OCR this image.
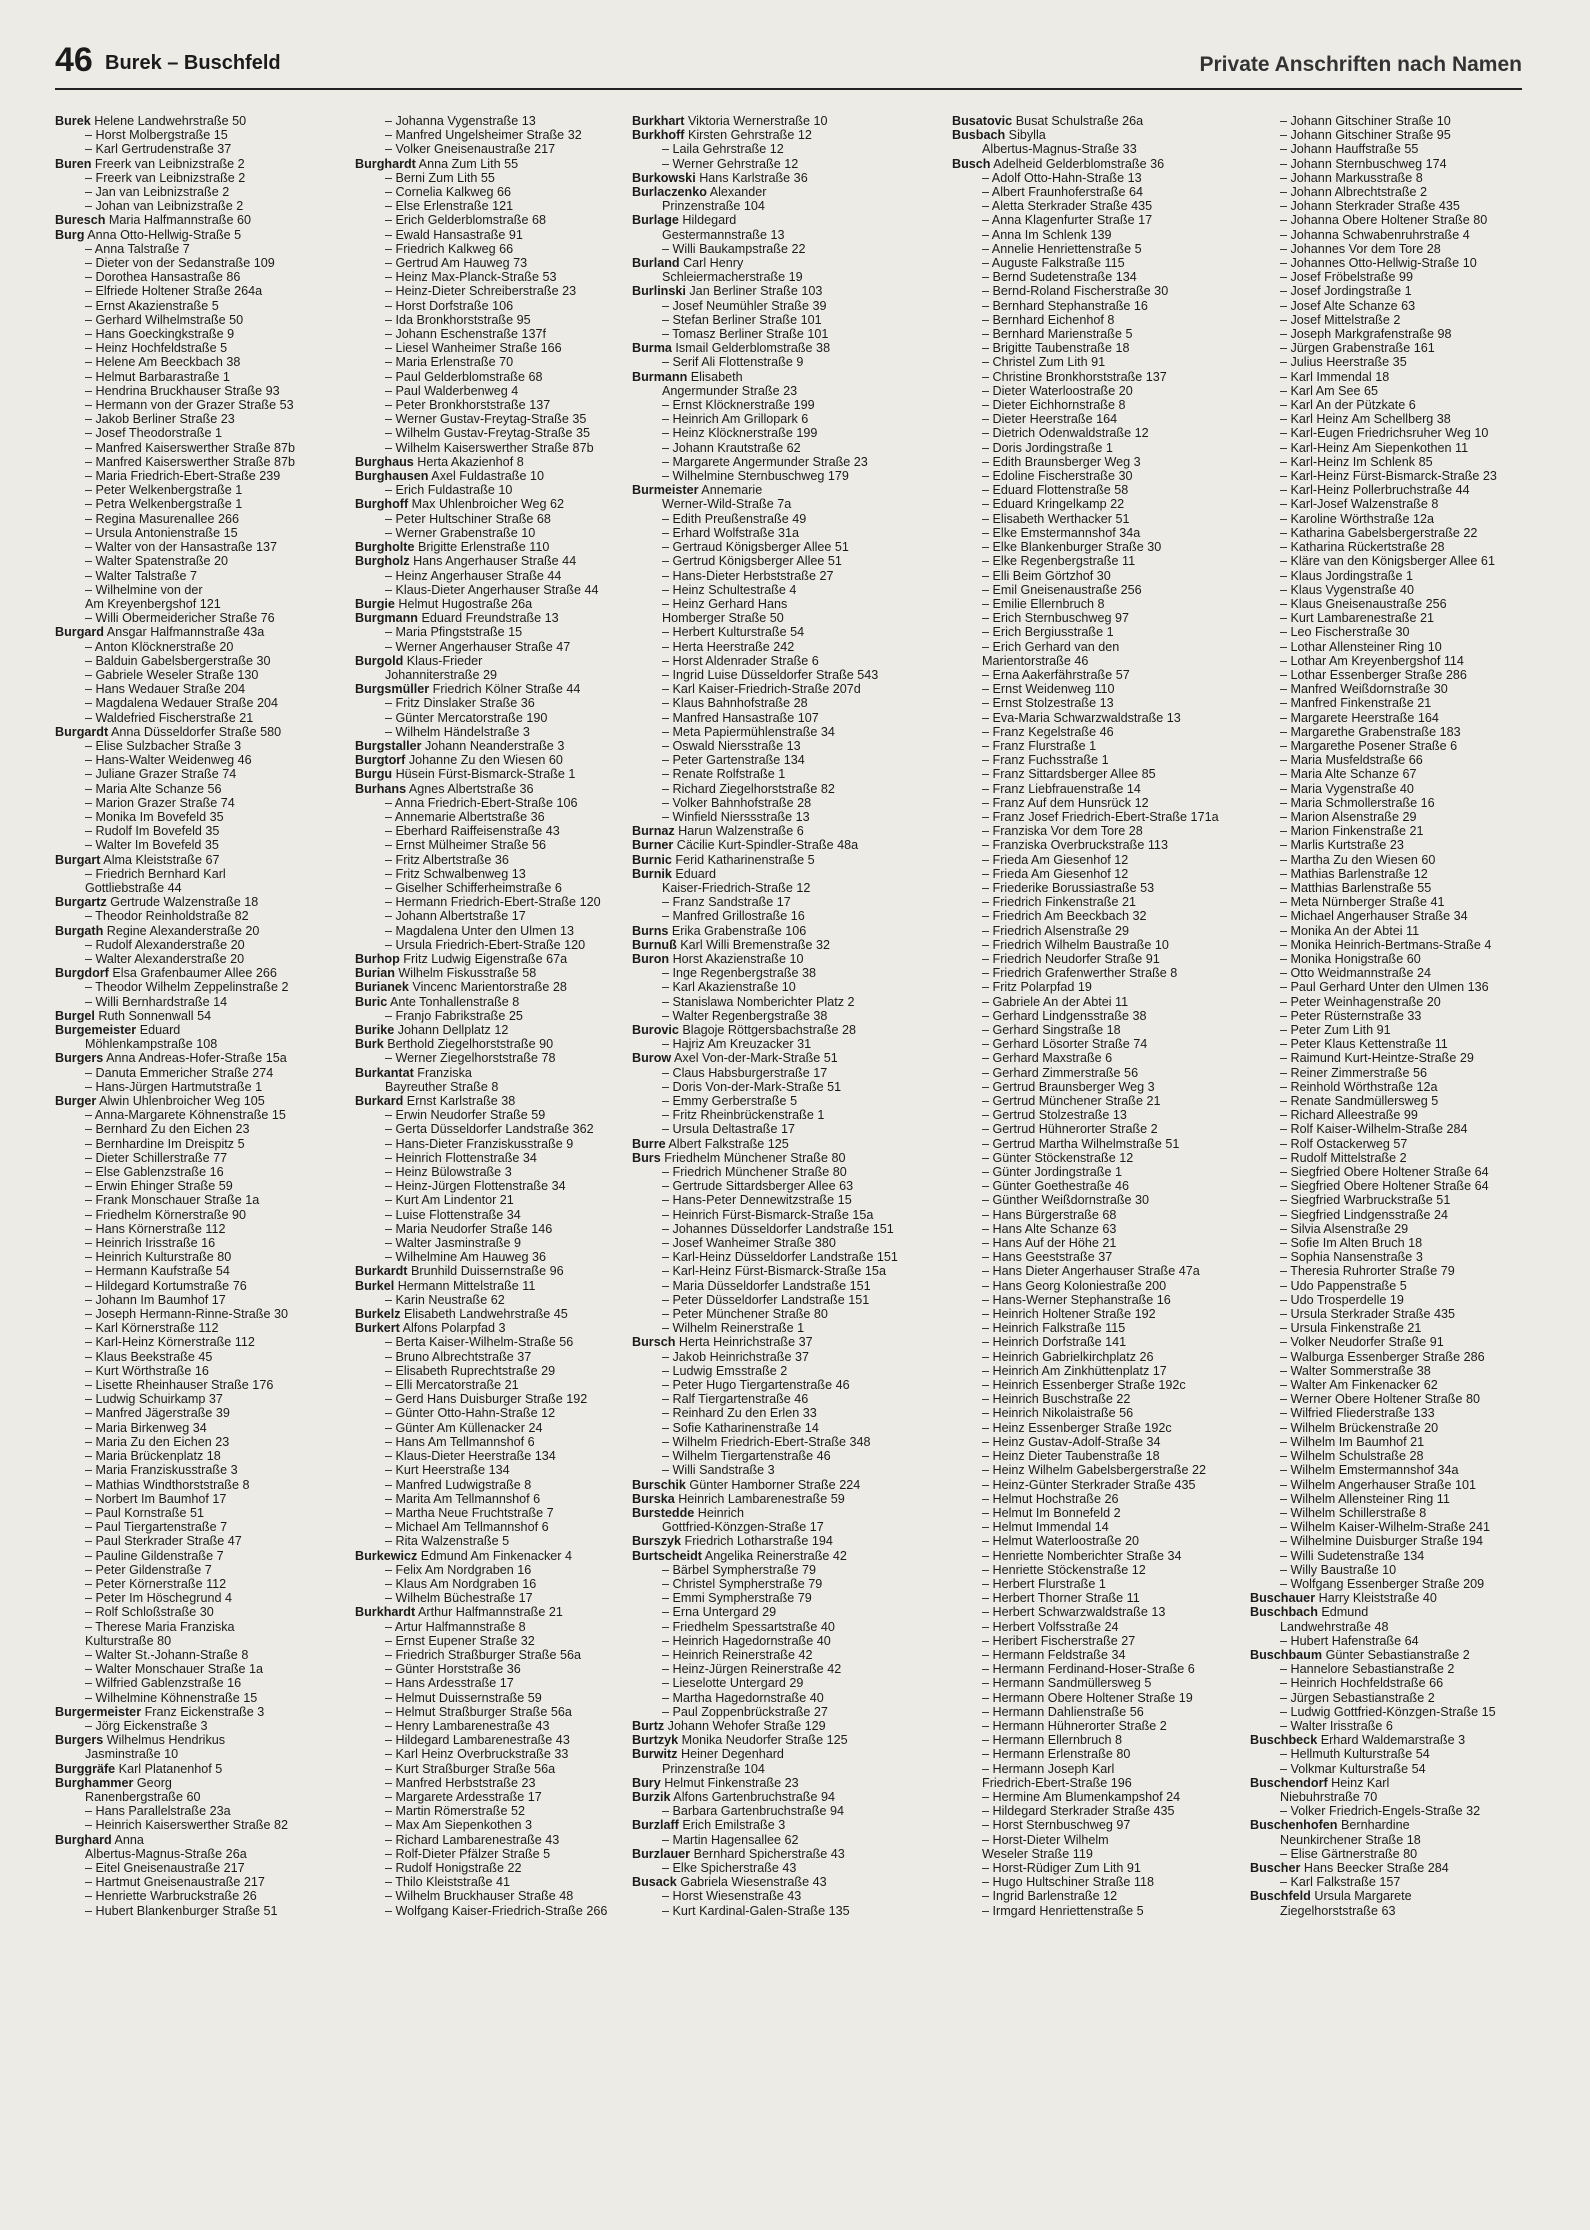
46 Burek – Buschfeld	Private Anschriften nach Namen
Burek Helene Landwehrstraße 50
– Horst Molbergstraße 15
– Karl Gertrudenstraße 37
Buren Freerk van Leibnizstraße 2
– Freerk van Leibnizstraße 2
– Jan van Leibnizstraße 2
– Johan van Leibnizstraße 2
Buresch Maria Halfmannstraße 60
Burg Anna Otto-Hellwig-Straße 5
– Anna Talstraße 7
– Dieter von der Sedanstraße 109
– Dorothea Hansastraße 86
– Elfriede Holtener Straße 264a
– Ernst Akazienstraße 5
– Gerhard Wilhelmstraße 50
– Hans Goeckingkstraße 9
– Heinz Hochfeldstraße 5
– Helene Am Beeckbach 38
– Helmut Barbarastraße 1
– Hendrina Bruckhauser Straße 93
– Hermann von der Grazer Straße 53
– Jakob Berliner Straße 23
– Josef Theodorstraße 1
– Manfred Kaiserswerther Straße 87b
– Manfred Kaiserswerther Straße 87b
– Maria Friedrich-Ebert-Straße 239
– Peter Welkenbergstraße 1
– Petra Welkenbergstraße 1
– Regina Masurenallee 266
– Ursula Antonienstraße 15
– Walter von der Hansastraße 137
– Walter Spatenstraße 20
– Walter Talstraße 7
– Wilhelmine von der
Am Kreyenbergshof 121
– Willi Obermeidericher Straße 76
Burgard Ansgar Halfmannstraße 43a
– Anton Klöcknerstraße 20
– Balduin Gabelsbergerstraße 30
– Gabriele Weseler Straße 130
– Hans Wedauer Straße 204
– Magdalena Wedauer Straße 204
– Waldefried Fischerstraße 21
Burgardt Anna Düsseldorfer Straße 580
– Elise Sulzbacher Straße 3
– Hans-Walter Weidenweg 46
– Juliane Grazer Straße 74
– Maria Alte Schanze 56
– Marion Grazer Straße 74
– Monika Im Bovefeld 35
– Rudolf Im Bovefeld 35
– Walter Im Bovefeld 35
Burgart Alma Kleiststraße 67
– Friedrich Bernhard Karl
Gottliebstraße 44
Burgartz Gertrude Walzenstraße 18
– Theodor Reinholdstraße 82
Burgath Regine Alexanderstraße 20
– Rudolf Alexanderstraße 20
– Walter Alexanderstraße 20
Burgdorf Elsa Grafenbaumer Allee 266
– Theodor Wilhelm Zeppelinstraße 2
– Willi Bernhardstraße 14
Burgel Ruth Sonnenwall 54
Burgemeister Eduard
Möhlenkampstraße 108
Burgers Anna Andreas-Hofer-Straße 15a
– Danuta Emmericher Straße 274
– Hans-Jürgen Hartmutstraße 1
Burger Alwin Uhlenbroicher Weg 105
– Anna-Margarete Köhnenstraße 15
– Bernhard Zu den Eichen 23
– Bernhardine Im Dreispitz 5
– Dieter Schillerstraße 77
– Else Gablenzstraße 16
– Erwin Ehinger Straße 59
– Frank Monschauer Straße 1a
– Friedhelm Körnerstraße 90
– Hans Körnerstraße 112
– Heinrich Irisstraße 16
– Heinrich Kulturstraße 80
– Hermann Kaufstraße 54
– Hildegard Kortumstraße 76
– Johann Im Baumhof 17
– Joseph Hermann-Rinne-Straße 30
– Karl Körnerstraße 112
– Karl-Heinz Körnerstraße 112
– Klaus Beekstraße 45
– Kurt Wörthstraße 16
– Lisette Rheinhauser Straße 176
– Ludwig Schuirkamp 37
– Manfred Jägerstraße 39
– Maria Birkenweg 34
– Maria Zu den Eichen 23
– Maria Brückenplatz 18
– Maria Franziskusstraße 3
– Mathias Windthorststraße 8
– Norbert Im Baumhof 17
– Paul Kornstraße 51
– Paul Tiergartenstraße 7
– Paul Sterkrader Straße 47
– Pauline Gildenstraße 7
– Peter Gildenstraße 7
– Peter Körnerstraße 112
– Peter Im Höschegrund 4
– Rolf Schloßstraße 30
– Therese Maria Franziska
Kulturstraße 80
– Walter St.-Johann-Straße 8
– Walter Monschauer Straße 1a
– Wilfried Gablenzstraße 16
– Wilhelmine Köhnenstraße 15
Burgermeister Franz Eickenstraße 3
– Jörg Eickenstraße 3
Burgers Wilhelmus Hendrikus
Jasminstraße 10
Burggräfe Karl Platanenhof 5
Burghammer Georg
Ranenbergstraße 60
– Hans Parallelstraße 23a
– Heinrich Kaiserswerther Straße 82
Burghard Anna
Albertus-Magnus-Straße 26a
– Eitel Gneisenaustraße 217
– Hartmut Gneisenaustraße 217
– Henriette Warbruckstraße 26
– Hubert Blankenburger Straße 51
– Johanna Vygenstraße 13
– Manfred Ungelsheimer Straße 32
– Volker Gneisenaustraße 217
Burghardt Anna Zum Lith 55
– Berni Zum Lith 55
– Cornelia Kalkweg 66
– Else Erlenstraße 121
– Erich Gelderblomstraße 68
– Ewald Hansastraße 91
– Friedrich Kalkweg 66
– Gertrud Am Hauweg 73
– Heinz Max-Planck-Straße 53
– Heinz-Dieter Schreiberstraße 23
– Horst Dorfstraße 106
– Ida Bronkhorststraße 95
– Johann Eschenstraße 137f
– Liesel Wanheimer Straße 166
– Maria Erlenstraße 70
– Paul Gelderblomstraße 68
– Paul Walderbenweg 4
– Peter Bronkhorststraße 137
– Werner Gustav-Freytag-Straße 35
– Wilhelm Gustav-Freytag-Straße 35
– Wilhelm Kaiserswerther Straße 87b
Burghaus Herta Akazienhof 8
Burghausen Axel Fuldastraße 10
– Erich Fuldastraße 10
Burghoff Max Uhlenbroicher Weg 62
– Peter Hultschiner Straße 68
– Werner Grabenstraße 10
Burgholte Brigitte Erlenstraße 110
Burgholz Hans Angerhauser Straße 44
– Heinz Angerhauser Straße 44
– Klaus-Dieter Angerhauser Straße 44
Burgie Helmut Hugostraße 26a
Burgmann Eduard Freundstraße 13
– Maria Pfingststraße 15
– Werner Angerhauser Straße 47
Burgold Klaus-Frieder
Johanniterstraße 29
Burgsmüller Friedrich Kölner Straße 44
– Fritz Dinslaker Straße 36
– Günter Mercatorstraße 190
– Wilhelm Händelstraße 3
Burgstaller Johann Neanderstraße 3
Burgtorf Johanne Zu den Wiesen 60
Burgu Hüsein Fürst-Bismarck-Straße 1
Burhans Agnes Albertstraße 36
– Anna Friedrich-Ebert-Straße 106
– Annemarie Albertstraße 36
– Eberhard Raiffeisenstraße 43
– Ernst Mülheimer Straße 56
– Fritz Albertstraße 36
– Fritz Schwalbenweg 13
– Giselher Schifferheimstraße 6
– Hermann Friedrich-Ebert-Straße 120
– Johann Albertstraße 17
– Magdalena Unter den Ulmen 13
– Ursula Friedrich-Ebert-Straße 120
Burhop Fritz Ludwig Eigenstraße 67a
Burian Wilhelm Fiskusstraße 58
Burianek Vincenc Marientorstraße 28
Buric Ante Tonhallenstraße 8
– Franjo Fabrikstraße 25
Burike Johann Dellplatz 12
Burk Berthold Ziegelhorststraße 90
– Werner Ziegelhorststraße 78
Burkantat Franziska
Bayreuther Straße 8
Burkard Ernst Karlstraße 38
– Erwin Neudorfer Straße 59
– Gerta Düsseldorfer Landstraße 362
– Hans-Dieter Franziskusstraße 9
– Heinrich Flottenstraße 34
– Heinz Bülowstraße 3
– Heinz-Jürgen Flottenstraße 34
– Kurt Am Lindentor 21
– Luise Flottenstraße 34
– Maria Neudorfer Straße 146
– Walter Jasminstraße 9
– Wilhelmine Am Hauweg 36
Burkardt Brunhild Duissernstraße 96
Burkel Hermann Mittelstraße 11
– Karin Neustraße 62
Burkelz Elisabeth Landwehrstraße 45
Burkert Alfons Polarpfad 3
– Berta Kaiser-Wilhelm-Straße 56
– Bruno Albrechtstraße 37
– Elisabeth Ruprechtstraße 29
– Elli Mercatorstraße 21
– Gerd Hans Duisburger Straße 192
– Günter Otto-Hahn-Straße 12
– Günter Am Küllenacker 24
– Hans Am Tellmannshof 6
– Klaus-Dieter Heerstraße 134
– Kurt Heerstraße 134
– Manfred Ludwigstraße 8
– Marita Am Tellmannshof 6
– Martha Neue Fruchtstraße 7
– Michael Am Tellmannshof 6
– Rita Walzenstraße 5
Burkewicz Edmund Am Finkenacker 4
– Felix Am Nordgraben 16
– Klaus Am Nordgraben 16
– Wilhelm Büchestraße 17
Burkhardt Arthur Halfmannstraße 21
– Artur Halfmannstraße 8
– Ernst Eupener Straße 32
– Friedrich Straßburger Straße 56a
– Günter Horststraße 36
– Hans Ardesstraße 17
– Helmut Duissernstraße 59
– Helmut Straßburger Straße 56a
– Henry Lambarenestraße 43
– Hildegard Lambarenestraße 43
– Karl Heinz Overbruckstraße 33
– Kurt Straßburger Straße 56a
– Manfred Herbststraße 23
– Margarete Ardesstraße 17
– Martin Römerstraße 52
– Max Am Siepenkothen 3
– Richard Lambarenestraße 43
– Rolf-Dieter Pfälzer Straße 5
– Rudolf Honigstraße 22
– Thilo Kleiststraße 41
– Wilhelm Bruckhauser Straße 48
– Wolfgang Kaiser-Friedrich-Straße 266
Burkhart Viktoria Wernerstraße 10
Burkhoff Kirsten Gehrstraße 12
– Laila Gehrstraße 12
– Werner Gehrstraße 12
Burkowski Hans Karlstraße 36
Burlaczenko Alexander
Prinzenstraße 104
Burlage Hildegard
Gestermannstraße 13
– Willi Baukampstraße 22
Burland Carl Henry
Schleiermacherstraße 19
Burlinski Jan Berliner Straße 103
– Josef Neumühler Straße 39
– Stefan Berliner Straße 101
– Tomasz Berliner Straße 101
Burma Ismail Gelderblomstraße 38
– Serif Ali Flottenstraße 9
Burmann Elisabeth
Angermunder Straße 23
– Ernst Klöcknerstraße 199
– Heinrich Am Grillopark 6
– Heinz Klöcknerstraße 199
– Johann Krautstraße 62
– Margarete Angermunder Straße 23
– Wilhelmine Sternbuschweg 179
Burmeister Annemarie
Werner-Wild-Straße 7a
– Edith Preußenstraße 49
– Erhard Wolfstraße 31a
– Gertraud Königsberger Allee 51
– Gertrud Königsberger Allee 51
– Hans-Dieter Herbststraße 27
– Heinz Schultestraße 4
– Heinz Gerhard Hans
Homberger Straße 50
– Herbert Kulturstraße 54
– Herta Heerstraße 242
– Horst Aldenrader Straße 6
– Ingrid Luise Düsseldorfer Straße 543
– Karl Kaiser-Friedrich-Straße 207d
– Klaus Bahnhofstraße 28
– Manfred Hansastraße 107
– Meta Papiermühlenstraße 34
– Oswald Niersstraße 13
– Peter Gartenstraße 134
– Renate Rolfstraße 1
– Richard Ziegelhorststraße 82
– Volker Bahnhofstraße 28
– Winfield Nierssstraße 13
Burnaz Harun Walzenstraße 6
Burner Cäcilie Kurt-Spindler-Straße 48a
Burnic Ferid Katharinenstraße 5
Burnik Eduard
Kaiser-Friedrich-Straße 12
– Franz Sandstraße 17
– Manfred Grillostraße 16
Burns Erika Grabenstraße 106
Burnuß Karl Willi Bremenstraße 32
Buron Horst Akazienstraße 10
– Inge Regenbergstraße 38
– Karl Akazienstraße 10
– Stanislawa Nomberichter Platz 2
– Walter Regenbergstraße 38
Burovic Blagoje Röttgersbachstraße 28
– Hajriz Am Kreuzacker 31
Burow Axel Von-der-Mark-Straße 51
– Claus Habsburgerstraße 17
– Doris Von-der-Mark-Straße 51
– Emmy Gerberstraße 5
– Fritz Rheinbrückenstraße 1
– Ursula Deltastraße 17
Burre Albert Falkstraße 125
Burs Friedhelm Münchener Straße 80
– Friedrich Münchener Straße 80
– Gertrude Sittardsberger Allee 63
– Hans-Peter Dennewitzstraße 15
– Heinrich Fürst-Bismarck-Straße 15a
– Johannes Düsseldorfer Landstraße 151
– Josef Wanheimer Straße 380
– Karl-Heinz Düsseldorfer Landstraße 151
– Karl-Heinz Fürst-Bismarck-Straße 15a
– Maria Düsseldorfer Landstraße 151
– Peter Düsseldorfer Landstraße 151
– Peter Münchener Straße 80
– Wilhelm Reinerstraße 1
Bursch Herta Heinrichstraße 37
– Jakob Heinrichstraße 37
– Ludwig Emsstraße 2
– Peter Hugo Tiergartenstraße 46
– Ralf Tiergartenstraße 46
– Reinhard Zu den Erlen 33
– Sofie Katharinenstraße 14
– Wilhelm Friedrich-Ebert-Straße 348
– Wilhelm Tiergartenstraße 46
– Willi Sandstraße 3
Burschik Günter Hamborner Straße 224
Burska Heinrich Lambarenestraße 59
Burstedde Heinrich
Gottfried-Könzgen-Straße 17
Burszyk Friedrich Lotharstraße 194
Burtscheidt Angelika Reinerstraße 42
– Bärbel Sympherstraße 79
– Christel Sympherstraße 79
– Emmi Sympherstraße 79
– Erna Untergard 29
– Friedhelm Spessartstraße 40
– Heinrich Hagedornstraße 40
– Heinrich Reinerstraße 42
– Heinz-Jürgen Reinerstraße 42
– Lieselotte Untergard 29
– Martha Hagedornstraße 40
– Paul Zoppenbrückstraße 27
Burtz Johann Wehofer Straße 129
Burtzyk Monika Neudorfer Straße 125
Burwitz Heiner Degenhard
Prinzenstraße 104
Bury Helmut Finkenstraße 23
Burzik Alfons Gartenbruchstraße 94
– Barbara Gartenbruchstraße 94
Burzlaff Erich Emilstraße 3
– Martin Hagensallee 62
Burzlauer Bernhard Spicherstraße 43
– Elke Spicherstraße 43
Busack Gabriela Wiesenstraße 43
– Horst Wiesenstraße 43
– Kurt Kardinal-Galen-Straße 135
Busatovic Busat Schulstraße 26a
Busbach Sibylla
Albertus-Magnus-Straße 33
Busch Adelheid Gelderblomstraße 36
– Adolf Otto-Hahn-Straße 13
– Albert Fraunhoferstraße 64
– Aletta Sterkrader Straße 435
– Anna Klagenfurter Straße 17
– Anna Im Schlenk 139
– Annelie Henriettenstraße 5
– Auguste Falkstraße 115
– Bernd Sudetenstraße 134
– Bernd-Roland Fischerstraße 30
– Bernhard Stephanstraße 16
– Bernhard Eichenhof 8
– Bernhard Marienstraße 5
– Brigitte Taubenstraße 18
– Christel Zum Lith 91
– Christine Bronkhorststraße 137
– Dieter Waterloostraße 20
– Dieter Eichhornstraße 8
– Dieter Heerstraße 164
– Dietrich Odenwaldstraße 12
– Doris Jordingstraße 1
– Edith Braunsberger Weg 3
– Edoline Fischerstraße 30
– Eduard Flottenstraße 58
– Eduard Kringelkamp 22
– Elisabeth Werthacker 51
– Elke Emstermannshof 34a
– Elke Blankenburger Straße 30
– Elke Regenbergstraße 11
– Elli Beim Görtzhof 30
– Emil Gneisenaustraße 256
– Emilie Ellernbruch 8
– Erich Sternbuschweg 97
– Erich Bergiusstraße 1
– Erich Gerhard van den
Marientorstraße 46
– Erna Aakerfährstraße 57
– Ernst Weidenweg 110
– Ernst Stolzestraße 13
– Eva-Maria Schwarzwaldstraße 13
– Franz Kegelstraße 46
– Franz Flurstraße 1
– Franz Fuchsstraße 1
– Franz Sittardsberger Allee 85
– Franz Liebfrauenstraße 14
– Franz Auf dem Hunsrück 12
– Franz Josef Friedrich-Ebert-Straße 171a
– Franziska Vor dem Tore 28
– Franziska Overbruckstraße 113
– Frieda Am Giesenhof 12
– Frieda Am Giesenhof 12
– Friederike Borussiastraße 53
– Friedrich Finkenstraße 21
– Friedrich Am Beeckbach 32
– Friedrich Alsenstraße 29
– Friedrich Wilhelm Baustraße 10
– Friedrich Neudorfer Straße 91
– Friedrich Grafenwerther Straße 8
– Fritz Polarpfad 19
– Gabriele An der Abtei 11
– Gerhard Lindgensstraße 38
– Gerhard Singstraße 18
– Gerhard Lösorter Straße 74
– Gerhard Maxstraße 6
– Gerhard Zimmerstraße 56
– Gertrud Braunsberger Weg 3
– Gertrud Münchener Straße 21
– Gertrud Stolzestraße 13
– Gertrud Hühnerorter Straße 2
– Gertrud Martha Wilhelmstraße 51
– Günter Stöckenstraße 12
– Günter Jordingstraße 1
– Günter Goethestraße 46
– Günther Weißdornstraße 30
– Hans Bürgerstraße 68
– Hans Alte Schanze 63
– Hans Auf der Höhe 21
– Hans Geeststraße 37
– Hans Dieter Angerhauser Straße 47a
– Hans Georg Koloniestraße 200
– Hans-Werner Stephanstraße 16
– Heinrich Holtener Straße 192
– Heinrich Falkstraße 115
– Heinrich Dorfstraße 141
– Heinrich Gabrielkirchplatz 26
– Heinrich Am Zinkhüttenplatz 17
– Heinrich Essenberger Straße 192c
– Heinrich Buschstraße 22
– Heinrich Nikolaistraße 56
– Heinz Essenberger Straße 192c
– Heinz Gustav-Adolf-Straße 34
– Heinz Dieter Taubenstraße 18
– Heinz Wilhelm Gabelsbergerstraße 22
– Heinz-Günter Sterkrader Straße 435
– Helmut Hochstraße 26
– Helmut Im Bonnefeld 2
– Helmut Immendal 14
– Helmut Waterloostraße 20
– Henriette Nomberichter Straße 34
– Henriette Stöckenstraße 12
– Herbert Flurstraße 1
– Herbert Thorner Straße 11
– Herbert Schwarzwaldstraße 13
– Herbert Volfsstraße 24
– Heribert Fischerstraße 27
– Hermann Feldstraße 34
– Hermann Ferdinand-Hoser-Straße 6
– Hermann Sandmüllersweg 5
– Hermann Obere Holtener Straße 19
– Hermann Dahlienstraße 56
– Hermann Hühnerorter Straße 2
– Hermann Ellernbruch 8
– Hermann Erlenstraße 80
– Hermann Joseph Karl
Friedrich-Ebert-Straße 196
– Hermine Am Blumenkampshof 24
– Hildegard Sterkrader Straße 435
– Horst Sternbuschweg 97
– Horst-Dieter Wilhelm
Weseler Straße 119
– Horst-Rüdiger Zum Lith 91
– Hugo Hultschiner Straße 118
– Ingrid Barlenstraße 12
– Irmgard Henriettenstraße 5
– Johann Gitschiner Straße 10
– Johann Gitschiner Straße 95
– Johann Hauffstraße 55
– Johann Sternbuschweg 174
– Johann Markusstraße 8
– Johann Albrechtstraße 2
– Johann Sterkrader Straße 435
– Johanna Obere Holtener Straße 80
– Johanna Schwabenruhrstraße 4
– Johannes Vor dem Tore 28
– Johannes Otto-Hellwig-Straße 10
– Josef Fröbelstraße 99
– Josef Jordingstraße 1
– Josef Alte Schanze 63
– Josef Mittelstraße 2
– Joseph Markgrafenstraße 98
– Jürgen Grabenstraße 161
– Julius Heerstraße 35
– Karl Immendal 18
– Karl Am See 65
– Karl An der Pützkate 6
– Karl Heinz Am Schellberg 38
– Karl-Eugen Friedrichsruher Weg 10
– Karl-Heinz Am Siepenkothen 11
– Karl-Heinz Im Schlenk 85
– Karl-Heinz Fürst-Bismarck-Straße 23
– Karl-Heinz Pollerbruchstraße 44
– Karl-Josef Walzenstraße 8
– Karoline Wörthstraße 12a
– Katharina Gabelsbergerstraße 22
– Katharina Rückertstraße 28
– Kläre van den Königsberger Allee 61
– Klaus Jordingstraße 1
– Klaus Vygenstraße 40
– Klaus Gneisenaustraße 256
– Kurt Lambarenestraße 21
– Leo Fischerstraße 30
– Lothar Allensteiner Ring 10
– Lothar Am Kreyenbergshof 114
– Lothar Essenberger Straße 286
– Manfred Weißdornstraße 30
– Manfred Finkenstraße 21
– Margarete Heerstraße 164
– Margarethe Grabenstraße 183
– Margarethe Posener Straße 6
– Maria Musfeldstraße 66
– Maria Alte Schanze 67
– Maria Vygenstraße 40
– Maria Schmollerstraße 16
– Marion Alsenstraße 29
– Marion Finkenstraße 21
– Marlis Kurtstraße 23
– Martha Zu den Wiesen 60
– Mathias Barlenstraße 12
– Matthias Barlenstraße 55
– Meta Nürnberger Straße 41
– Michael Angerhauser Straße 34
– Monika An der Abtei 11
– Monika Heinrich-Bertmans-Straße 4
– Monika Honigstraße 60
– Otto Weidmannstraße 24
– Paul Gerhard Unter den Ulmen 136
– Peter Weinhagenstraße 20
– Peter Rüsternstraße 33
– Peter Zum Lith 91
– Peter Klaus Kettenstraße 11
– Raimund Kurt-Heintze-Straße 29
– Reiner Zimmerstraße 56
– Reinhold Wörthstraße 12a
– Renate Sandmüllersweg 5
– Richard Alleestraße 99
– Rolf Kaiser-Wilhelm-Straße 284
– Rolf Ostackerweg 57
– Rudolf Mittelstraße 2
– Siegfried Obere Holtener Straße 64
– Siegfried Obere Holtener Straße 64
– Siegfried Warbruckstraße 51
– Siegfried Lindgensstraße 24
– Silvia Alsenstraße 29
– Sofie Im Alten Bruch 18
– Sophia Nansenstraße 3
– Theresia Ruhrorter Straße 79
– Udo Pappenstraße 5
– Udo Trosperdelle 19
– Ursula Sterkrader Straße 435
– Ursula Finkenstraße 21
– Volker Neudorfer Straße 91
– Walburga Essenberger Straße 286
– Walter Sommerstraße 38
– Walter Am Finkenacker 62
– Werner Obere Holtener Straße 80
– Wilfried Fliederstraße 133
– Wilhelm Brückenstraße 20
– Wilhelm Im Baumhof 21
– Wilhelm Schulstraße 28
– Wilhelm Emstermannshof 34a
– Wilhelm Angerhauser Straße 101
– Wilhelm Allensteiner Ring 11
– Wilhelm Schillerstraße 8
– Wilhelm Kaiser-Wilhelm-Straße 241
– Wilhelmine Duisburger Straße 194
– Willi Sudetenstraße 134
– Willy Baustraße 10
– Wolfgang Essenberger Straße 209
Buschauer Harry Kleiststraße 40
Buschbach Edmund
Landwehrstraße 48
– Hubert Hafenstraße 64
Buschbaum Günter Sebastianstraße 2
– Hannelore Sebastianstraße 2
– Heinrich Hochfeldstraße 66
– Jürgen Sebastianstraße 2
– Ludwig Gottfried-Könzgen-Straße 15
– Walter Irisstraße 6
Buschbeck Erhard Waldemarstraße 3
– Hellmuth Kulturstraße 54
– Volkmar Kulturstraße 54
Buschendorf Heinz Karl
Niebuhrstraße 70
– Volker Friedrich-Engels-Straße 32
Buschenhofen Bernhardine
Neunkirchener Straße 18
– Elise Gärtnerstraße 80
Buscher Hans Beecker Straße 284
– Karl Falkstraße 157
Buschfeld Ursula Margarete
Ziegelhorststraße 63
